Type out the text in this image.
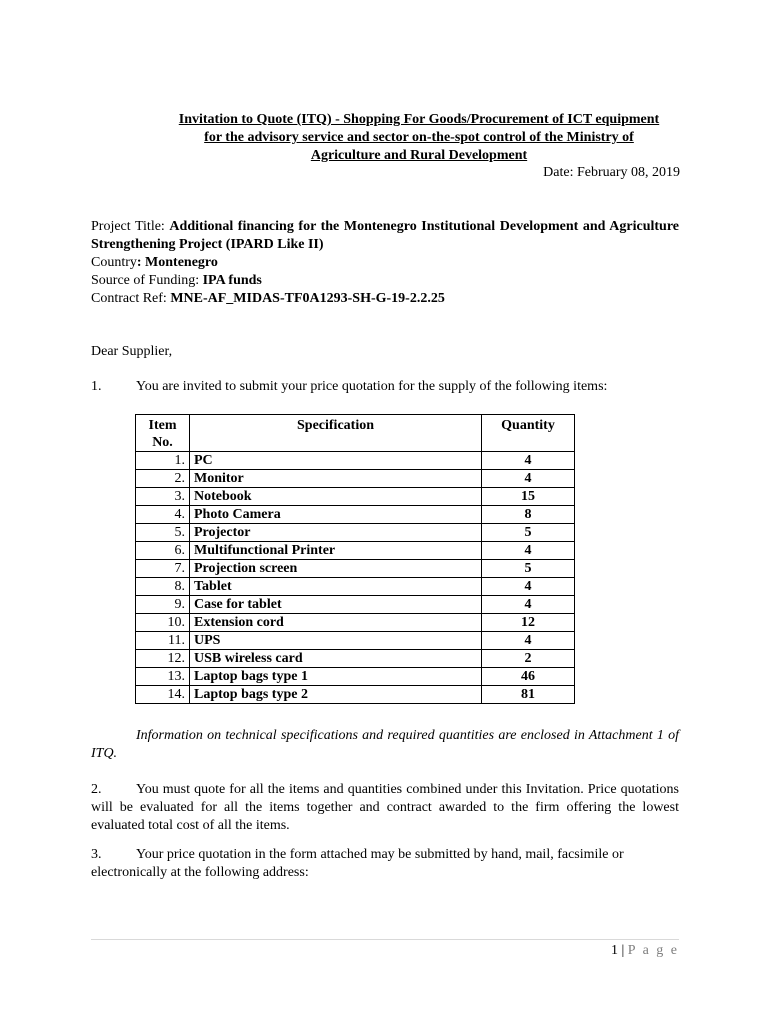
Invitation to Quote (ITQ) - Shopping For Goods/Procurement of ICT equipment
for the advisory service and sector on-the-spot control of the Ministry of
Agriculture and Rural Development
Date: February 08, 2019
Project Title: Additional financing for the Montenegro Institutional Development and Agriculture Strengthening Project (IPARD Like II)
Country: Montenegro
Source of Funding: IPA funds
Contract Ref: MNE-AF_MIDAS-TF0A1293-SH-G-19-2.2.25
Dear Supplier,
1. You are invited to submit your price quotation for the supply of the following items:
Item No.	Specification	Quantity
1.	PC	4
2.	Monitor	4
3.	Notebook	15
4.	Photo Camera	8
5.	Projector	5
6.	Multifunctional Printer	4
7.	Projection screen	5
8.	Tablet	4
9.	Case for tablet	4
10.	Extension cord	12
11.	UPS	4
12.	USB wireless card	2
13.	Laptop bags type 1	46
14.	Laptop bags type 2	81
Information on technical specifications and required quantities are enclosed in Attachment 1 of ITQ.
2. You must quote for all the items and quantities combined under this Invitation. Price quotations will be evaluated for all the items together and contract awarded to the firm offering the lowest evaluated total cost of all the items.
3. Your price quotation in the form attached may be submitted by hand, mail, facsimile or electronically at the following address:
1 | P a g e
